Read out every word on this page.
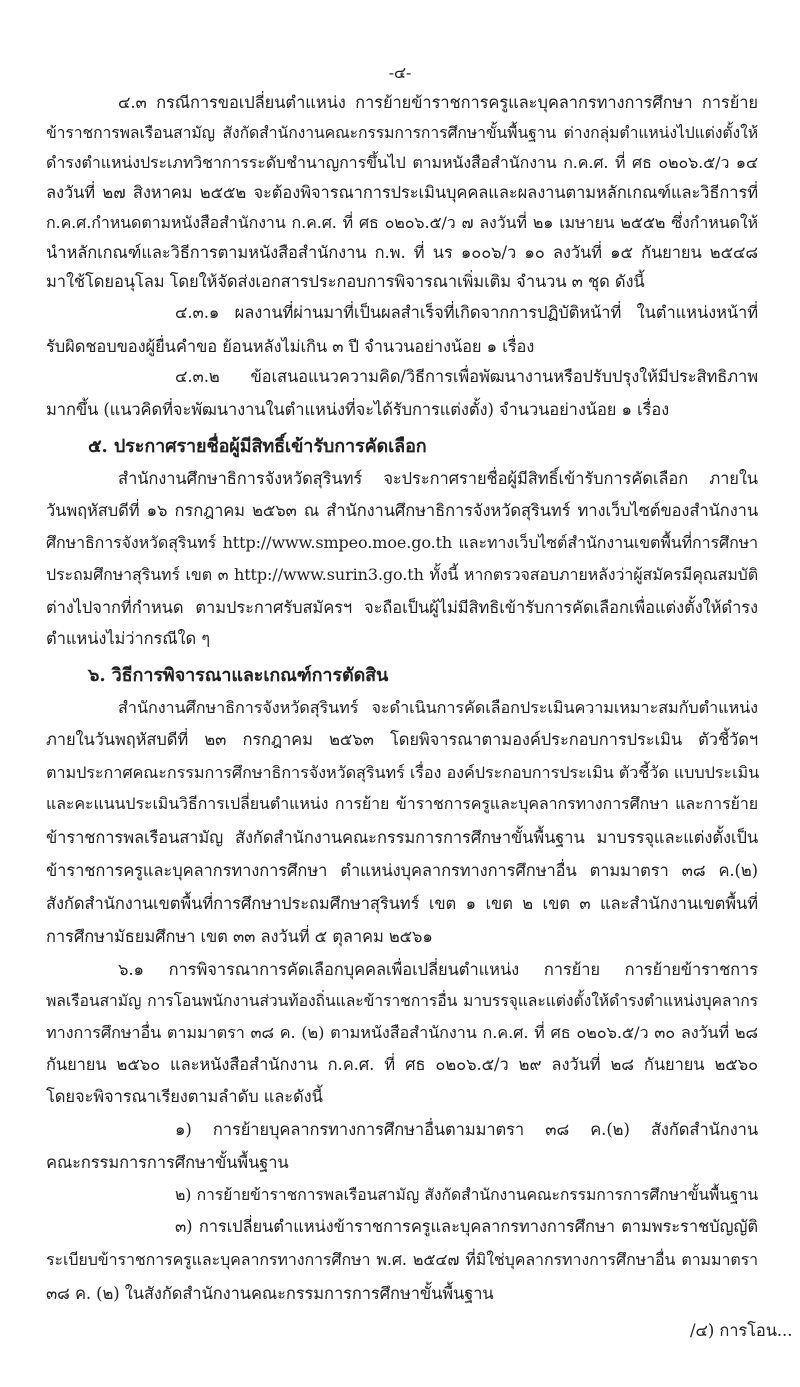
-๔-
๔.๓ กรณีการขอเปลี่ยนตำแหน่ง การย้ายข้าราชการครูและบุคลากรทางการศึกษา การย้าย
ข้าราชการพลเรือนสามัญ สังกัดสำนักงานคณะกรรมการการศึกษาขั้นพื้นฐาน ต่างกลุ่มตำแหน่งไปแต่งตั้งให้
ดำรงตำแหน่งประเภทวิชาการระดับชำนาญการขึ้นไป ตามหนังสือสำนักงาน ก.ค.ศ. ที่ ศธ ๐๒๐๖.๕/ว ๑๔
ลงวันที่ ๒๗ สิงหาคม ๒๕๕๒ จะต้องพิจารณาการประเมินบุคคลและผลงานตามหลักเกณฑ์และวิธีการที่
ก.ค.ศ.กำหนดตามหนังสือสำนักงาน ก.ค.ศ. ที่ ศธ ๐๒๐๖.๕/ว ๗ ลงวันที่ ๒๑ เมษายน ๒๕๕๒ ซึ่งกำหนดให้
นำหลักเกณฑ์และวิธีการตามหนังสือสำนักงาน ก.พ. ที่ นร ๑๐๐๖/ว ๑๐ ลงวันที่ ๑๕ กันยายน ๒๕๔๘
มาใช้โดยอนุโลม โดยให้จัดส่งเอกสารประกอบการพิจารณาเพิ่มเติม จำนวน ๓ ชุด ดังนี้
๔.๓.๑ ผลงานที่ผ่านมาที่เป็นผลสำเร็จที่เกิดจากการปฏิบัติหน้าที่ ในตำแหน่งหน้าที่
รับผิดชอบของผู้ยื่นคำขอ ย้อนหลังไม่เกิน ๓ ปี จำนวนอย่างน้อย ๑ เรื่อง
๔.๓.๒ ข้อเสนอแนวความคิด/วิธีการเพื่อพัฒนางานหรือปรับปรุงให้มีประสิทธิภาพ
มากขึ้น (แนวคิดที่จะพัฒนางานในตำแหน่งที่จะได้รับการแต่งตั้ง) จำนวนอย่างน้อย ๑ เรื่อง
๕. ประกาศรายชื่อผู้มีสิทธิ์เข้ารับการคัดเลือก
สำนักงานศึกษาธิการจังหวัดสุรินทร์ จะประกาศรายชื่อผู้มีสิทธิ์เข้ารับการคัดเลือก ภายใน
วันพฤหัสบดีที่ ๑๖ กรกฎาคม ๒๕๖๓ ณ สำนักงานศึกษาธิการจังหวัดสุรินทร์ ทางเว็บไซต์ของสำนักงาน
ศึกษาธิการจังหวัดสุรินทร์ http://www.smpeo.moe.go.th และทางเว็บไซต์สำนักงานเขตพื้นที่การศึกษา
ประถมศึกษาสุรินทร์ เขต ๓ http://www.surin3.go.th ทั้งนี้ หากตรวจสอบภายหลังว่าผู้สมัครมีคุณสมบัติ
ต่างไปจากที่กำหนด ตามประกาศรับสมัครฯ จะถือเป็นผู้ไม่มีสิทธิเข้ารับการคัดเลือกเพื่อแต่งตั้งให้ดำรง
ตำแหน่งไม่ว่ากรณีใด ๆ
๖. วิธีการพิจารณาและเกณฑ์การตัดสิน
สำนักงานศึกษาธิการจังหวัดสุรินทร์ จะดำเนินการคัดเลือกประเมินความเหมาะสมกับตำแหน่ง
ภายในวันพฤหัสบดีที่ ๒๓ กรกฎาคม ๒๕๖๓ โดยพิจารณาตามองค์ประกอบการประเมิน ตัวชี้วัดฯ
ตามประกาศคณะกรรมการศึกษาธิการจังหวัดสุรินทร์ เรื่อง องค์ประกอบการประเมิน ตัวชี้วัด แบบประเมิน
และคะแนนประเมินวิธีการเปลี่ยนตำแหน่ง การย้าย ข้าราชการครูและบุคลากรทางการศึกษา และการย้าย
ข้าราชการพลเรือนสามัญ สังกัดสำนักงานคณะกรรมการการศึกษาขั้นพื้นฐาน มาบรรจุและแต่งตั้งเป็น
ข้าราชการครูและบุคลากรทางการศึกษา ตำแหน่งบุคลากรทางการศึกษาอื่น ตามมาตรา ๓๘ ค.(๒)
สังกัดสำนักงานเขตพื้นที่การศึกษาประถมศึกษาสุรินทร์ เขต ๑ เขต ๒ เขต ๓ และสำนักงานเขตพื้นที่
การศึกษามัธยมศึกษา เขต ๓๓ ลงวันที่ ๕ ตุลาคม ๒๕๖๑
๖.๑ การพิจารณาการคัดเลือกบุคคลเพื่อเปลี่ยนตำแหน่ง การย้าย การย้ายข้าราชการ
พลเรือนสามัญ การโอนพนักงานส่วนท้องถิ่นและข้าราชการอื่น มาบรรจุและแต่งตั้งให้ดำรงตำแหน่งบุคลากร
ทางการศึกษาอื่น ตามมาตรา ๓๘ ค. (๒) ตามหนังสือสำนักงาน ก.ค.ศ. ที่ ศธ ๐๒๐๖.๕/ว ๓๐ ลงวันที่ ๒๘
กันยายน ๒๕๖๐ และหนังสือสำนักงาน ก.ค.ศ. ที่ ศธ ๐๒๐๖.๕/ว ๒๙ ลงวันที่ ๒๘ กันยายน ๒๕๖๐
โดยจะพิจารณาเรียงตามลำดับ และดังนี้
๑) การย้ายบุคลากรทางการศึกษาอื่นตามมาตรา ๓๘ ค.(๒) สังกัดสำนักงาน
คณะกรรมการการศึกษาขั้นพื้นฐาน
๒) การย้ายข้าราชการพลเรือนสามัญ สังกัดสำนักงานคณะกรรมการการศึกษาขั้นพื้นฐาน
๓) การเปลี่ยนตำแหน่งข้าราชการครูและบุคลากรทางการศึกษา ตามพระราชบัญญัติ
ระเบียบข้าราชการครูและบุคลากรทางการศึกษา พ.ศ. ๒๕๔๗ ที่มิใช่บุคลากรทางการศึกษาอื่น ตามมาตรา
๓๘ ค. (๒) ในสังกัดสำนักงานคณะกรรมการการศึกษาขั้นพื้นฐาน
/๔) การโอน...
